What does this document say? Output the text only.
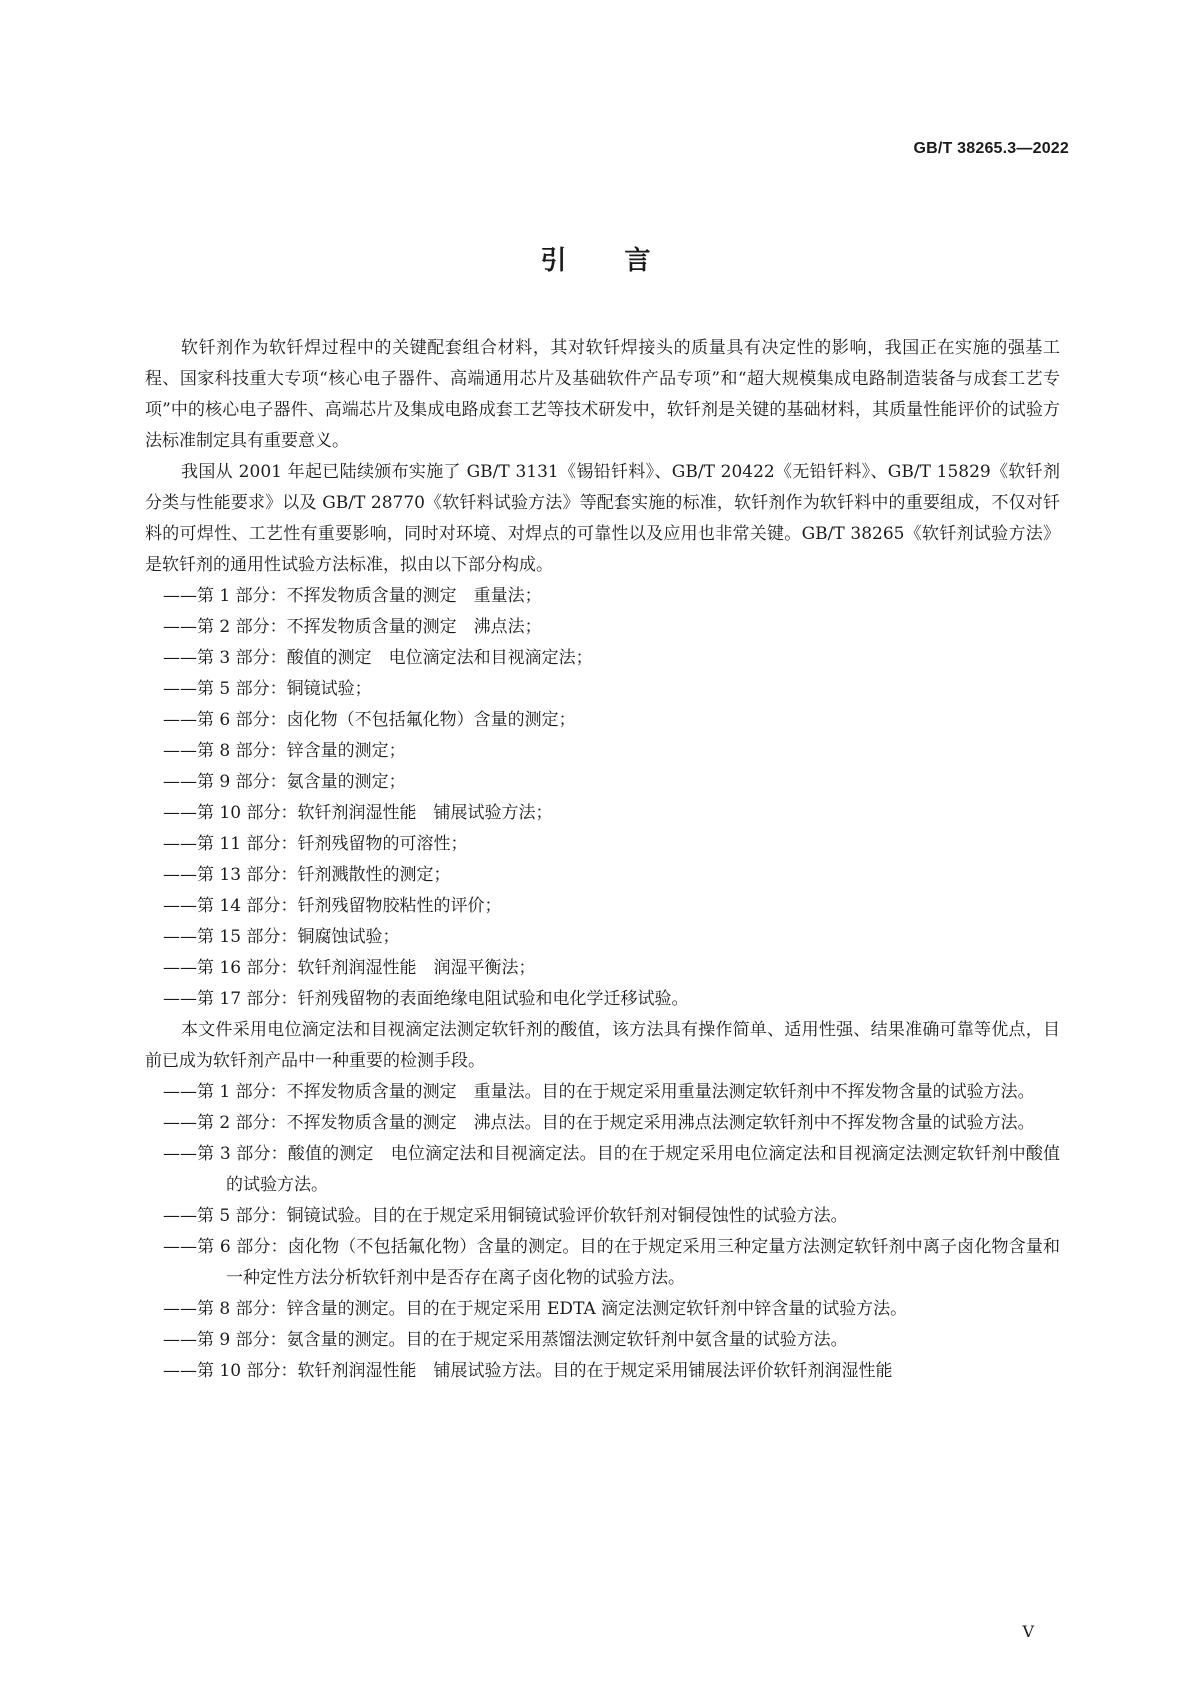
GB/T 38265.3—2022
引言

软钎剂作为软钎焊过程中的关键配套组合材料，其对软钎焊接头的质量具有决定性的影响，我国正在实施的强基工程、国家科技重大专项“核心电子器件、高端通用芯片及基础软件产品专项”和“超大规模集成电路制造装备与成套工艺专项”中的核心电子器件、高端芯片及集成电路成套工艺等技术研发中，软钎剂是关键的基础材料，其质量性能评价的试验方法标准制定具有重要意义。

我国从 2001 年起已陆续颁布实施了 GB/T 3131《锡铅钎料》、GB/T 20422《无铅钎料》、GB/T 15829《软钎剂　分类与性能要求》以及 GB/T 28770《软钎料试验方法》等配套实施的标准，软钎剂作为软钎料中的重要组成，不仅对钎料的可焊性、工艺性有重要影响，同时对环境、对焊点的可靠性以及应用也非常关键。GB/T 38265《软钎剂试验方法》是软钎剂的通用性试验方法标准，拟由以下部分构成。

——第 1 部分：不挥发物质含量的测定　重量法；

——第 2 部分：不挥发物质含量的测定　沸点法；

——第 3 部分：酸值的测定　电位滴定法和目视滴定法；

——第 5 部分：铜镜试验；

——第 6 部分：卤化物（不包括氟化物）含量的测定；

——第 8 部分：锌含量的测定；

——第 9 部分：氨含量的测定；

——第 10 部分：软钎剂润湿性能　铺展试验方法；

——第 11 部分：钎剂残留物的可溶性；

——第 13 部分：钎剂溅散性的测定；

——第 14 部分：钎剂残留物胶粘性的评价；

——第 15 部分：铜腐蚀试验；

——第 16 部分：软钎剂润湿性能　润湿平衡法；

——第 17 部分：钎剂残留物的表面绝缘电阻试验和电化学迁移试验。

本文件采用电位滴定法和目视滴定法测定软钎剂的酸值，该方法具有操作简单、适用性强、结果准确可靠等优点，目前已成为软钎剂产品中一种重要的检测手段。

——第 1 部分：不挥发物质含量的测定　重量法。目的在于规定采用重量法测定软钎剂中不挥发物含量的试验方法。

——第 2 部分：不挥发物质含量的测定　沸点法。目的在于规定采用沸点法测定软钎剂中不挥发物含量的试验方法。

——第 3 部分：酸值的测定　电位滴定法和目视滴定法。目的在于规定采用电位滴定法和目视滴定法测定软钎剂中酸值的试验方法。

——第 5 部分：铜镜试验。目的在于规定采用铜镜试验评价软钎剂对铜侵蚀性的试验方法。

——第 6 部分：卤化物（不包括氟化物）含量的测定。目的在于规定采用三种定量方法测定软钎剂中离子卤化物含量和一种定性方法分析软钎剂中是否存在离子卤化物的试验方法。

——第 8 部分：锌含量的测定。目的在于规定采用 EDTA 滴定法测定软钎剂中锌含量的试验方法。

——第 9 部分：氨含量的测定。目的在于规定采用蒸馏法测定软钎剂中氨含量的试验方法。

——第 10 部分：软钎剂润湿性能　铺展试验方法。目的在于规定采用铺展法评价软钎剂润湿性能

V
